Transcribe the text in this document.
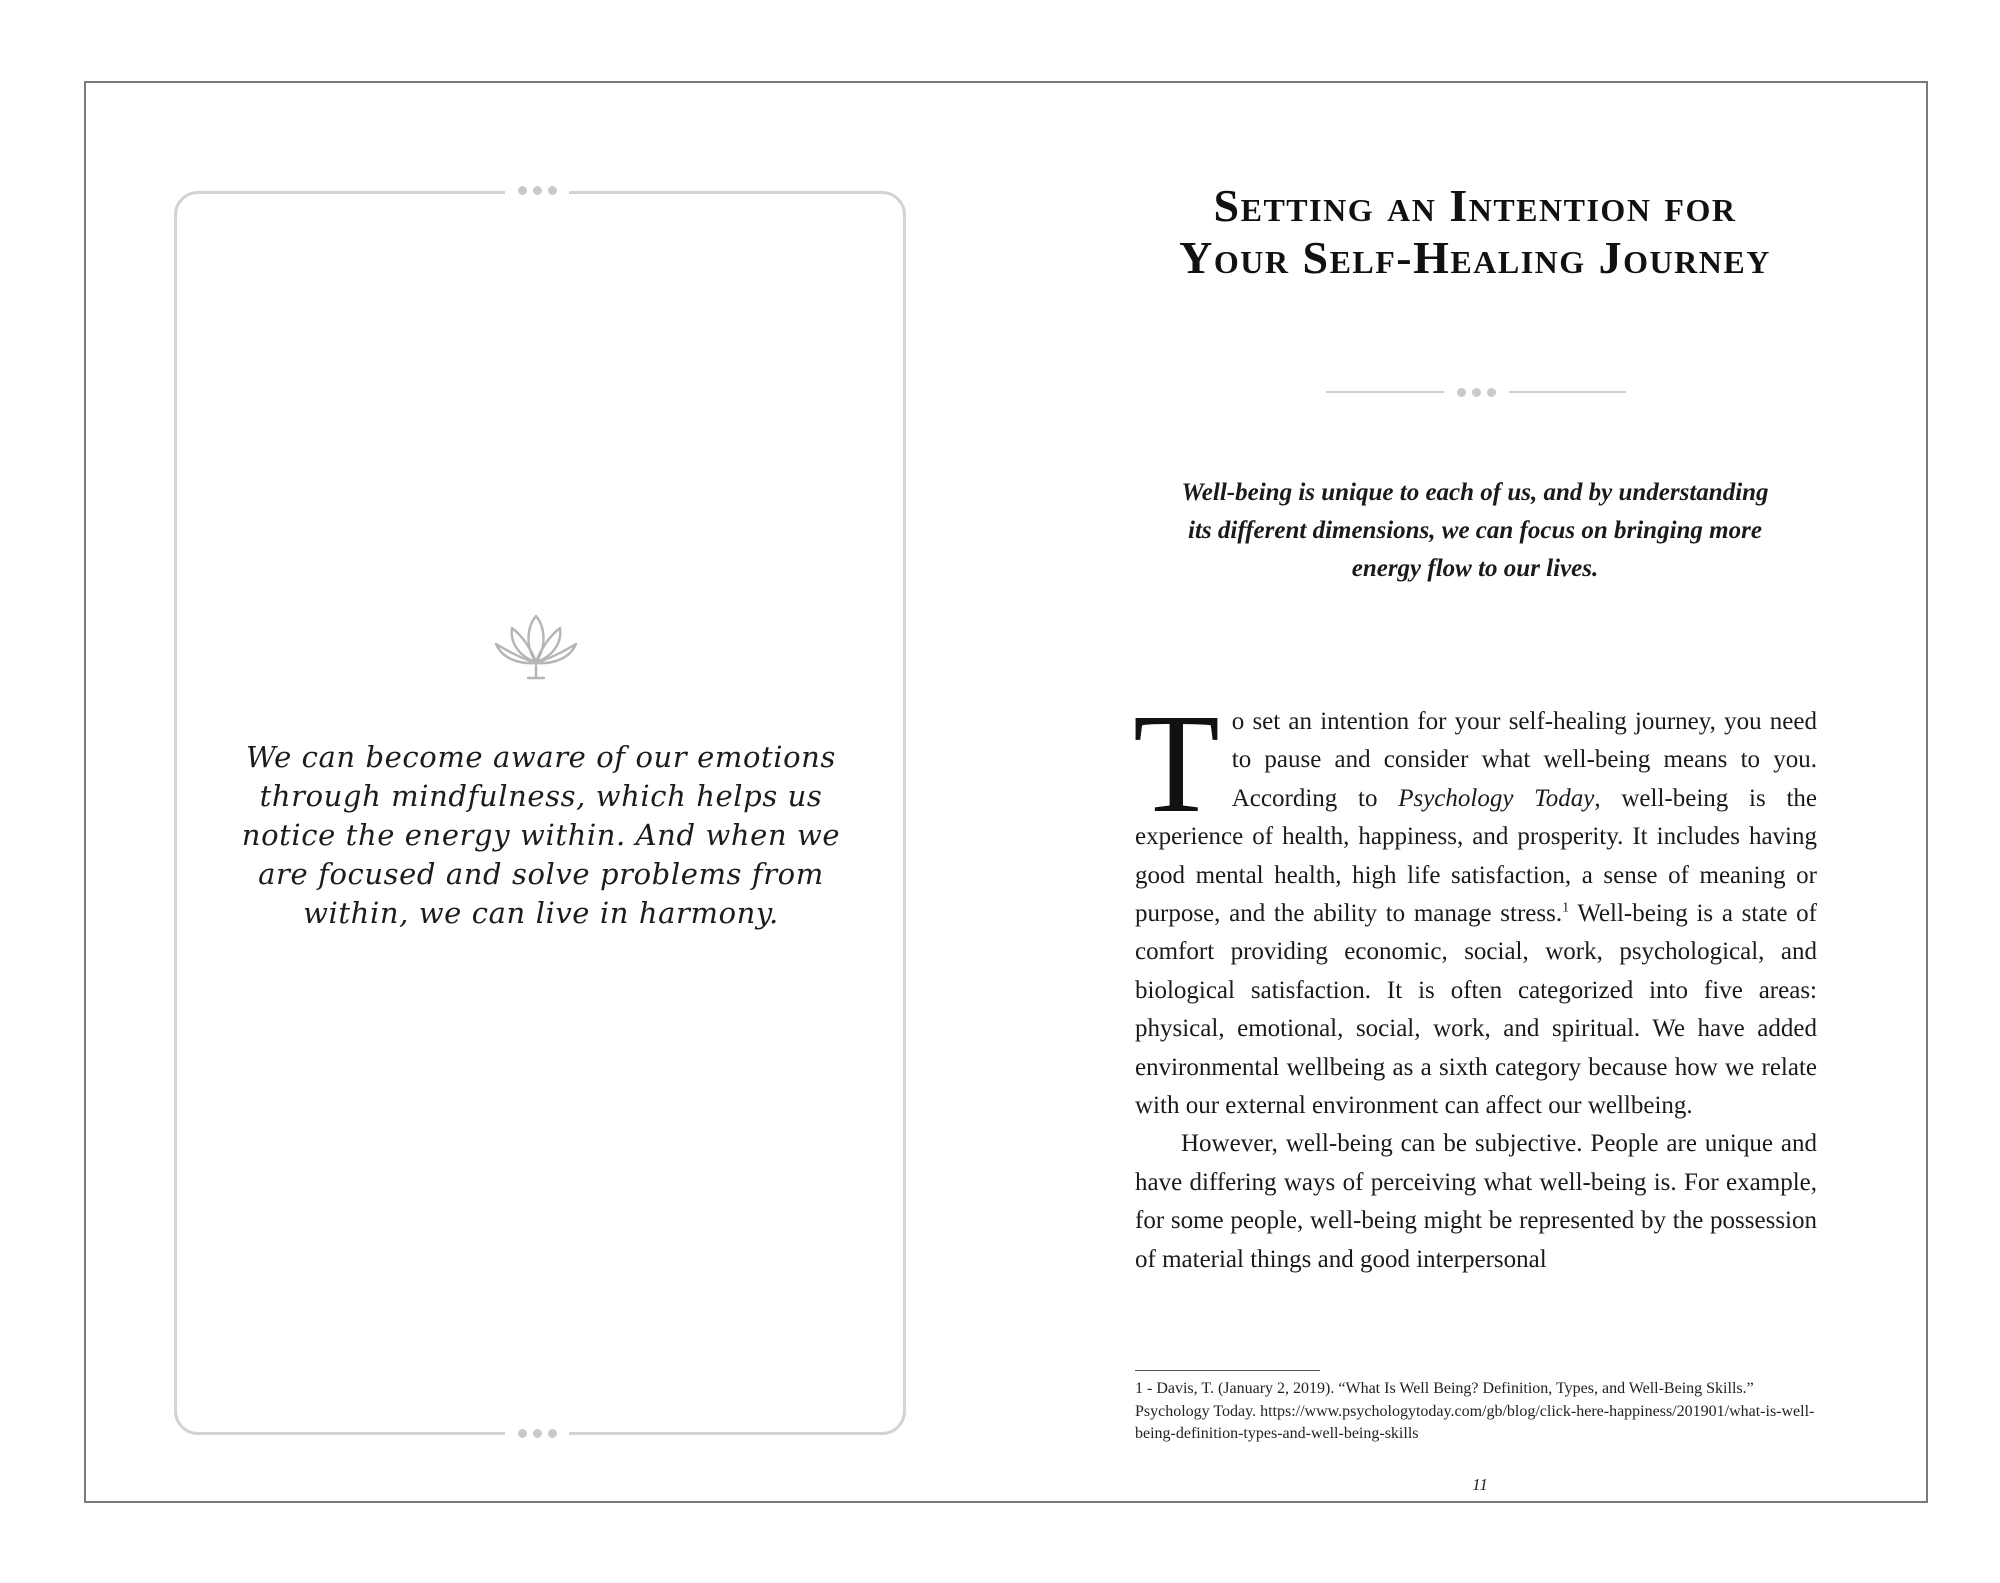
We can become aware of our emotions through mindfulness, which helps us notice the energy within. And when we are focused and solve problems from within, we can live in harmony.
Setting an Intention for Your Self-Healing Journey
Well-being is unique to each of us, and by understanding its different dimensions, we can focus on bringing more energy flow to our lives.

To set an intention for your self-healing journey, you need to pause and consider what well-being means to you. According to Psychology Today, well-being is the experience of health, happiness, and prosperity. It includes having good mental health, high life satisfaction, a sense of meaning or purpose, and the ability to manage stress.$^1$ Well-being is a state of comfort providing economic, social, work, psychological, and biological satisfaction. It is often categorized into five areas: physical, emotional, social, work, and spiritual. We have added environmental wellbeing as a sixth category because how we relate with our external environment can affect our wellbeing.

However, well-being can be subjective. People are unique and have differing ways of perceiving what well-being is. For example, for some people, well-being might be represented by the possession of material things and good interpersonal

1 - Davis, T. (January 2, 2019). “What Is Well Being? Definition, Types, and Well-Being Skills.” Psychology Today. https://www.psychologytoday.com/gb/blog/click-here-happiness/201901/what-is-well-being-definition-types-and-well-being-skills
11
